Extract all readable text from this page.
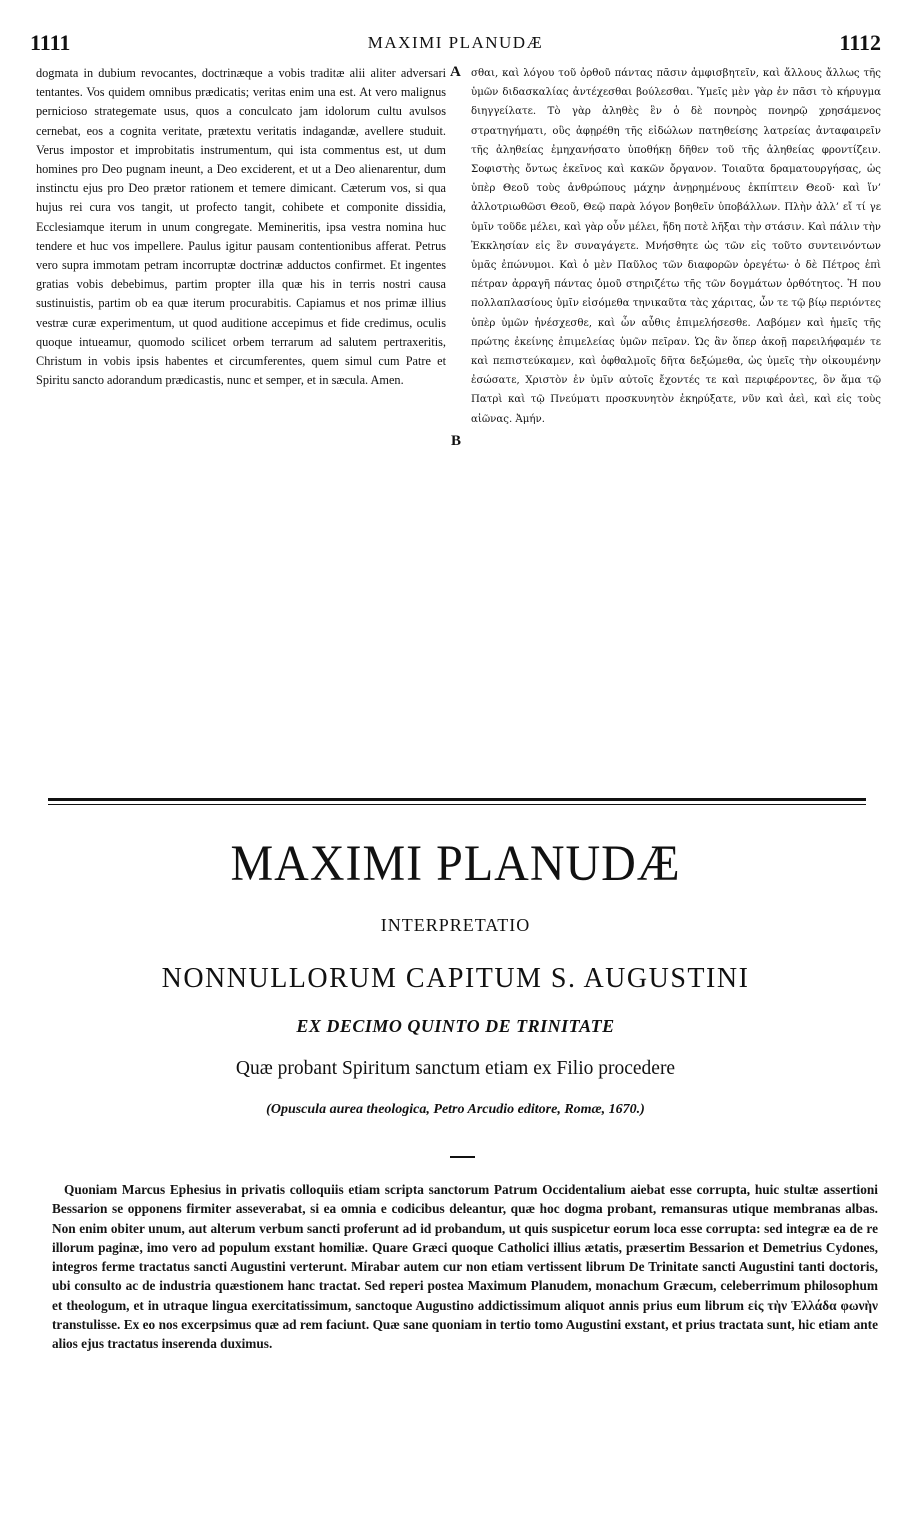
1111	MAXIMI PLANUDÆ	1112

dogmata in dubium revocantes, doctrinæque a vobis traditæ alii aliter adversari tentantes. Vos quidem omnibus prædicatis; veritas enim una est. At vero malignus pernicioso strategemate usus, quos a conculcato jam idolorum cultu avulsos cernebat, eos a cognita veritate, prætextu veritatis indagandæ, avellere studuit. Verus impostor et improbitatis instrumentum, qui ista commentus est, ut dum homines pro Deo pugnam ineunt, a Deo exciderent, et ut a Deo alienarentur, dum instinctu ejus pro Deo prætor rationem et temere dimicant. Cæterum vos, si qua hujus rei cura vos tangit, ut profecto tangit, cohibete et componite dissidia, Ecclesiamque iterum in unum congregate. Memineritis, ipsa vestra nomina huc tendere et huc vos impellere. Paulus igitur pausam contentionibus afferat. Petrus vero supra immotam petram incorruptæ doctrinæ adductos confirmet. Et ingentes gratias vobis debebimus, partim propter illa quæ his in terris nostri causa sustinuistis, partim ob ea quæ iterum procurabitis. Capiamus et nos primæ illius vestræ curæ experimentum, ut quod auditione accepimus et fide credimus, oculis quoque intueamur, quomodo scilicet orbem terrarum ad salutem pertraxeritis, Christum in vobis ipsis habentes et circumferentes, quem simul cum Patre et Spiritu sancto adorandum prædicastis, nunc et semper, et in sæcula. Amen.

A
B

σθαι, καὶ λόγου τοῦ ὀρθοῦ πάντας πᾶσιν ἀμφισβητεῖν, καὶ ἄλλους ἄλλως τῆς ὑμῶν διδασκαλίας ἀντέχεσθαι βούλεσθαι. Ὑμεῖς μὲν γὰρ ἐν πᾶσι τὸ κήρυγμα διηγγείλατε. Τὸ γὰρ ἀληθὲς ἓν ὁ δὲ πονηρὸς πονηρῷ χρησάμενος στρατηγήματι, οὓς ἀφῃρέθη τῆς εἰδώλων πατηθείσης λατρείας ἀνταφαιρεῖν τῆς ἀληθείας ἐμηχανήσατο ὑποθήκῃ δῆθεν τοῦ τῆς ἀληθείας φροντίζειν. Σοφιστὴς ὄντως ἐκεῖνος καὶ κακῶν ὄργανον. Τοιαῦτα δραματουργήσας, ὡς ὑπὲρ Θεοῦ τοὺς ἀνθρώπους μάχην ἀνῃρημένους ἐκπίπτειν Θεοῦ· καὶ ἵν’ ἀλλοτριωθῶσι Θεοῦ, Θεῷ παρὰ λόγον βοηθεῖν ὑποβάλλων. Πλὴν ἀλλ’ εἴ τί γε ὑμῖν τοῦδε μέλει, καὶ γὰρ οὖν μέλει, ἤδη ποτὲ λῆξαι τὴν στάσιν. Καὶ πάλιν τὴν Ἐκκλησίαν εἰς ἓν συναγάγετε. Μνήσθητε ὡς τῶν εἰς τοῦτο συντεινόντων ὑμᾶς ἐπώνυμοι. Καὶ ὁ μὲν Παῦλος τῶν διαφορῶν ὀρεγέτω· ὁ δὲ Πέτρος ἐπὶ πέτραν ἀρραγῆ πάντας ὁμοῦ στηριζέτω τῆς τῶν δογμάτων ὀρθότητος. Ἡ που πολλαπλασίους ὑμῖν εἰσόμεθα τηνικαῦτα τὰς χάριτας, ὧν τε τῷ βίῳ περιόντες ὑπὲρ ὑμῶν ἠνέσχεσθε, καὶ ὧν αὖθις ἐπιμελήσεσθε. Λαβόμεν καὶ ἡμεῖς τῆς πρώτης ἐκείνης ἐπιμελείας ὑμῶν πεῖραν. Ὡς ἂν ὅπερ ἀκοῇ παρειλήφαμέν τε καὶ πεπιστεύκαμεν, καὶ ὀφθαλμοῖς δῆτα δεξώμεθα, ὡς ὑμεῖς τὴν οἰκουμένην ἐσώσατε, Χριστὸν ἐν ὑμῖν αὐτοῖς ἔχοντές τε καὶ περιφέροντες, ὃν ἅμα τῷ Πατρὶ καὶ τῷ Πνεύματι προσκυνητὸν ἐκηρύξατε, νῦν καὶ ἀεὶ, καὶ εἰς τοὺς αἰῶνας. Ἀμήν.

MAXIMI PLANUDÆ
INTERPRETATIO
NONNULLORUM CAPITUM S. AUGUSTINI
EX DECIMO QUINTO DE TRINITATE
Quæ probant Spiritum sanctum etiam ex Filio procedere
(Opuscula aurea theologica, Petro Arcudio editore, Romæ, 1670.)

Quoniam Marcus Ephesius in privatis colloquiis etiam scripta sanctorum Patrum Occidentalium aiebat esse corrupta, huic stultæ assertioni Bessarion se opponens firmiter asseverabat, si ea omnia e codicibus deleantur, quæ hoc dogma probant, remansuras utique membranas albas. Non enim obiter unum, aut alterum verbum sancti proferunt ad id probandum, ut quis suspicetur eorum loca esse corrupta: sed integræ ea de re illorum paginæ, imo vero ad populum exstant homiliæ. Quare Græci quoque Catholici illius ætatis, præsertim Bessarion et Demetrius Cydones, integros ferme tractatus sancti Augustini verterunt. Mirabar autem cur non etiam vertissent librum De Trinitate sancti Augustini tanti doctoris, ubi consulto ac de industria quæstionem hanc tractat. Sed reperi postea Maximum Planudem, monachum Græcum, celeberrimum philosophum et theologum, et in utraque lingua exercitatissimum, sanctoque Augustino addictissimum aliquot annis prius eum librum εἰς τὴν Ἑλλάδα φωνὴν transtulisse. Ex eo nos excerpsimus quæ ad rem faciunt. Quæ sane quoniam in tertio tomo Augustini exstant, et prius tractata sunt, hic etiam ante alios ejus tractatus inserenda duximus.
